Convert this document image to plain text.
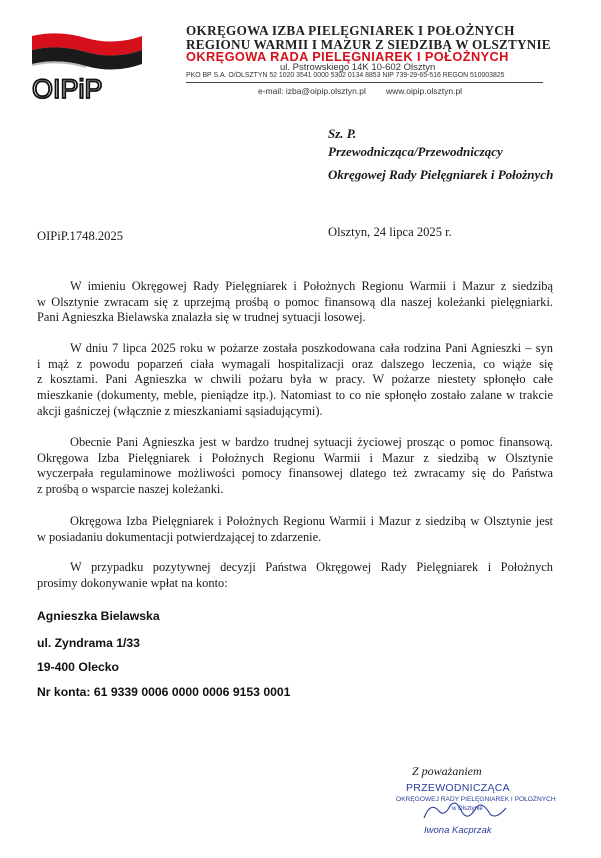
OIPiP
OKRĘGOWA IZBA PIELĘGNIAREK I POŁOŻNYCH
REGIONU WARMII I MAZUR Z SIEDZIBĄ W OLSZTYNIE
OKRĘGOWA RADA PIELĘGNIAREK I POŁOŻNYCH
ul. Pstrowskiego 14K 10-602 Olsztyn
PKO BP S.A. O/OLSZTYN 52 1020 3541 0000 5302 0134 8853 NIP 739-29-65-516 REGON 510003825
e-mail: izba@oipip.olsztyn.pl www.oipip.olsztyn.pl
Sz. P.
Przewodnicząca/Przewodniczący
Okręgowej Rady Pielęgniarek i Położnych
OIPiP.1748.2025	Olsztyn, 24 lipca 2025 r.
W imieniu Okręgowej Rady Pielęgniarek i Położnych Regionu Warmii i Mazur z siedzibą
w Olsztynie zwracam się z uprzejmą prośbą o pomoc finansową dla naszej koleżanki pielęgniarki.
Pani Agnieszka Bielawska znalazła się w trudnej sytuacji losowej.
W dniu 7 lipca 2025 roku w pożarze została poszkodowana cała rodzina Pani Agnieszki – syn
i mąż z powodu poparzeń ciała wymagali hospitalizacji oraz dalszego leczenia, co wiąże się
z kosztami. Pani Agnieszka w chwili pożaru była w pracy. W pożarze niestety spłonęło całe
mieszkanie (dokumenty, meble, pieniądze itp.). Natomiast to co nie spłonęło zostało zalane w trakcie
akcji gaśniczej (włącznie z mieszkaniami sąsiadującymi).
Obecnie Pani Agnieszka jest w bardzo trudnej sytuacji życiowej prosząc o pomoc finansową.
Okręgowa Izba Pielęgniarek i Położnych Regionu Warmii i Mazur z siedzibą w Olsztynie
wyczerpała regulaminowe możliwości pomocy finansowej dlatego też zwracamy się do Państwa
z prośbą o wsparcie naszej koleżanki.
Okręgowa Izba Pielęgniarek i Położnych Regionu Warmii i Mazur z siedzibą w Olsztynie jest
w posiadaniu dokumentacji potwierdzającej to zdarzenie.
W przypadku pozytywnej decyzji Państwa Okręgowej Rady Pielęgniarek i Położnych
prosimy dokonywanie wpłat na konto:
Agnieszka Bielawska
ul. Zyndrama 1/33
19-400 Olecko
Nr konta: 61 9339 0006 0000 0006 9153 0001
Z poważaniem
PRZEWODNICZĄCA
OKRĘGOWEJ RADY PIELĘGNIAREK I POŁOŻNYCH
w Olsztynie
Iwona Kacprzak
